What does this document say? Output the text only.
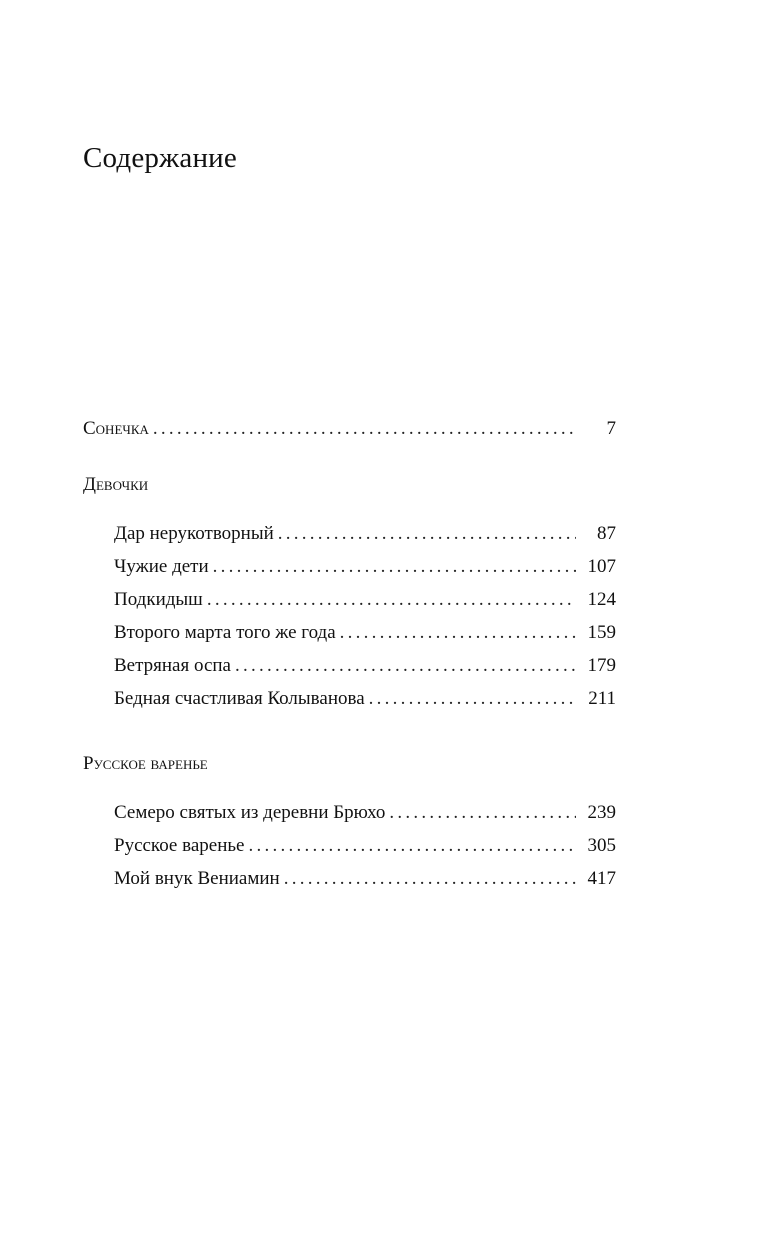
Содержание
Сонечка . . .	7
Девочки
Дар нерукотворный . . .	87
Чужие дети . . .	107
Подкидыш . . .	124
Второго марта того же года . . .	159
Ветряная оспа . . .	179
Бедная счастливая Колыванова . . .	211
Русское варенье
Семеро святых из деревни Брюхо . . .	239
Русское варенье . . .	305
Мой внук Вениамин . . .	417
